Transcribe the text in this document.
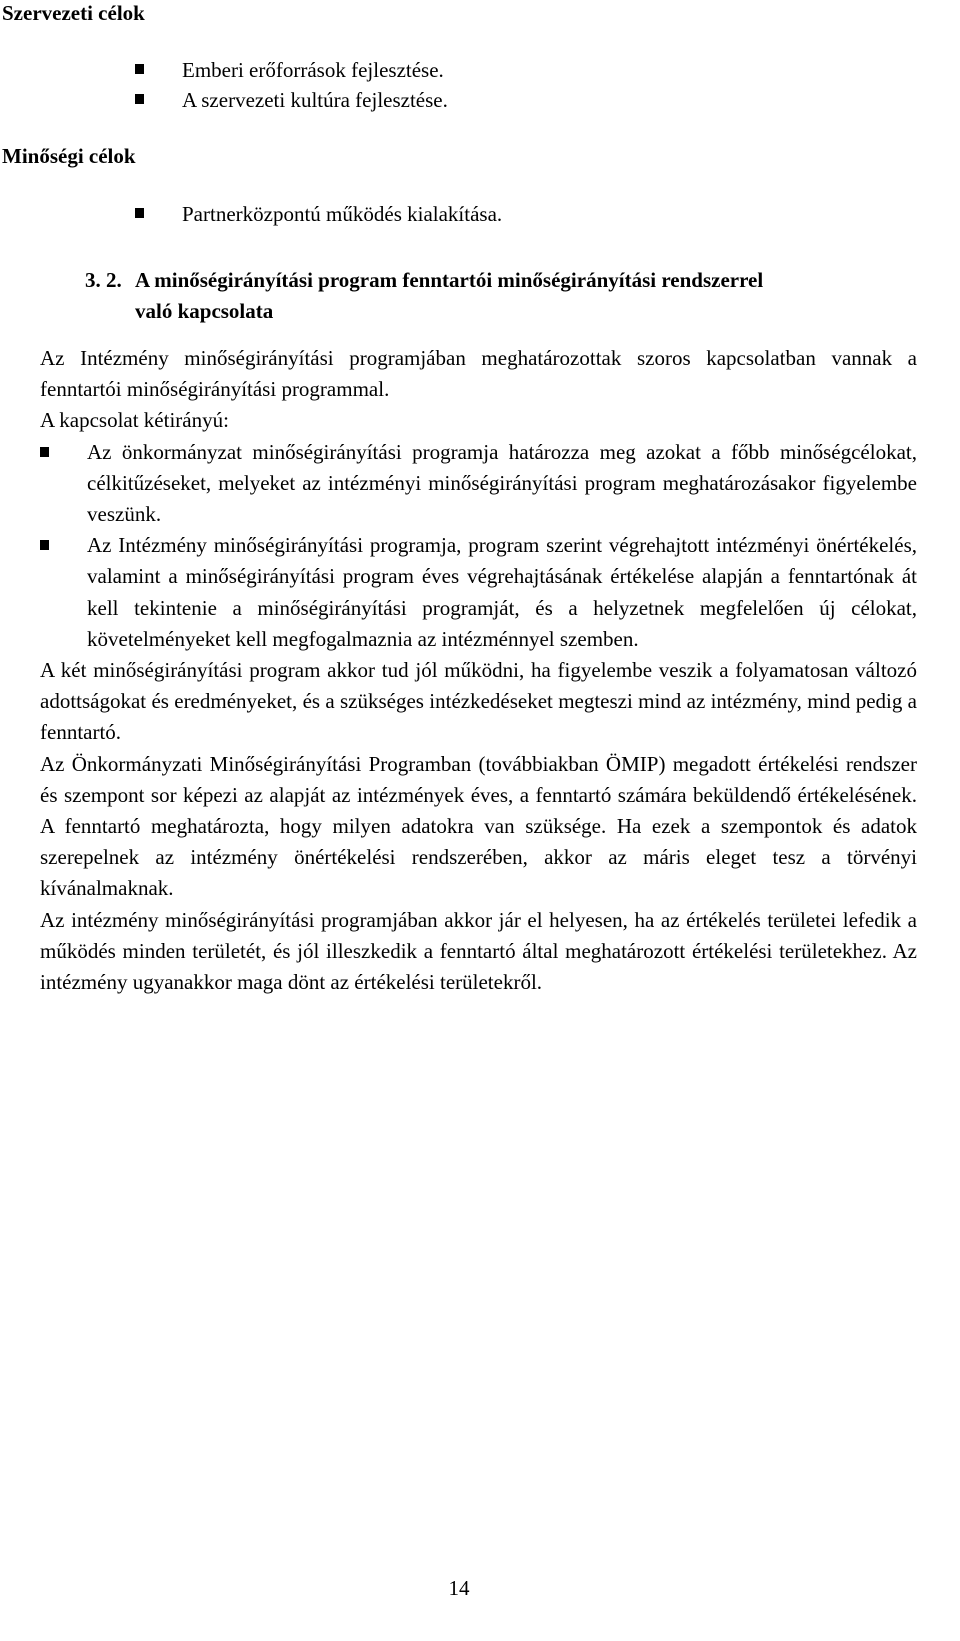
Szervezeti célok
Emberi erőforrások fejlesztése.
A szervezeti kultúra fejlesztése.
Minőségi célok
Partnerközpontú működés kialakítása.
3. 2. A minőségirányítási program fenntartói minőségirányítási rendszerrel
való kapcsolata

Az Intézmény minőségirányítási programjában meghatározottak szoros kapcsolatban vannak a fenntartói minőségirányítási programmal.

A kapcsolat kétirányú:

Az önkormányzat minőségirányítási programja határozza meg azokat a főbb minőségcélokat, célkitűzéseket, melyeket az intézményi minőségirányítási program meghatározásakor figyelembe veszünk.
Az Intézmény minőségirányítási programja, program szerint végrehajtott intézményi önértékelés, valamint a minőségirányítási program éves végrehajtásának értékelése alapján a fenntartónak át kell tekintenie a minőségirányítási programját, és a helyzetnek megfelelően új célokat, követelményeket kell megfogalmaznia az intézménnyel szemben.

A két minőségirányítási program akkor tud jól működni, ha figyelembe veszik a folyamatosan változó adottságokat és eredményeket, és a szükséges intézkedéseket megteszi mind az intézmény, mind pedig a fenntartó.

Az Önkormányzati Minőségirányítási Programban (továbbiakban ÖMIP) megadott értékelési rendszer és szempont sor képezi az alapját az intézmények éves, a fenntartó számára beküldendő értékelésének. A fenntartó meghatározta, hogy milyen adatokra van szüksége. Ha ezek a szempontok és adatok szerepelnek az intézmény önértékelési rendszerében, akkor az máris eleget tesz a törvényi kívánalmaknak.

Az intézmény minőségirányítási programjában akkor jár el helyesen, ha az értékelés területei lefedik a működés minden területét, és jól illeszkedik a fenntartó által meghatározott értékelési területekhez. Az intézmény ugyanakkor maga dönt az értékelési területekről.

14
